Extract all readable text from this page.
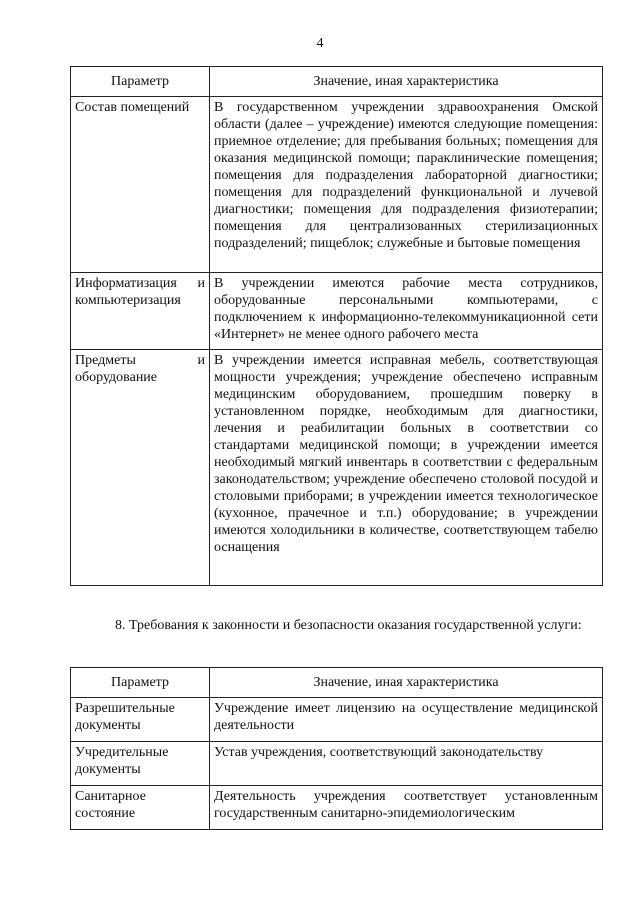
4
Параметр	Значение, иная характеристика
Состав помещений	В государственном учреждении здравоохранения Омской области (далее – учреждение) имеются следующие помещения: приемное отделение; для пребывания больных; помещения для оказания медицинской помощи; параклинические помещения; помещения для подразделения лабораторной диагностики; помещения для подразделений функциональной и лучевой диагностики; помещения для подразделения физиотерапии; помещения для централизованных стерилизационных подразделений; пищеблок; служебные и бытовые помещения
Информатизация и компьютеризация	В учреждении имеются рабочие места сотрудников, оборудованные персональными компьютерами, с подключением к информационно-телекоммуникационной сети «Интернет» не менее одного рабочего места
Предметы и оборудование	В учреждении имеется исправная мебель, соответствующая мощности учреждения; учреждение обеспечено исправным медицинским оборудованием, прошедшим поверку в установленном порядке, необходимым для диагностики, лечения и реабилитации больных в соответствии со стандартами медицинской помощи; в учреждении имеется необходимый мягкий инвентарь в соответствии с федеральным законодательством; учреждение обеспечено столовой посудой и столовыми приборами; в учреждении имеется технологическое (кухонное, прачечное и т.п.) оборудование; в учреждении имеются холодильники в количестве, соответствующем табелю оснащения
8. Требования к законности и безопасности оказания государственной услуги:
Параметр	Значение, иная характеристика
Разрешительные документы	Учреждение имеет лицензию на осуществление медицинской деятельности
Учредительные документы	Устав учреждения, соответствующий законодательству
Санитарное состояние	Деятельность учреждения соответствует установленным государственным санитарно-эпидемиологическим
